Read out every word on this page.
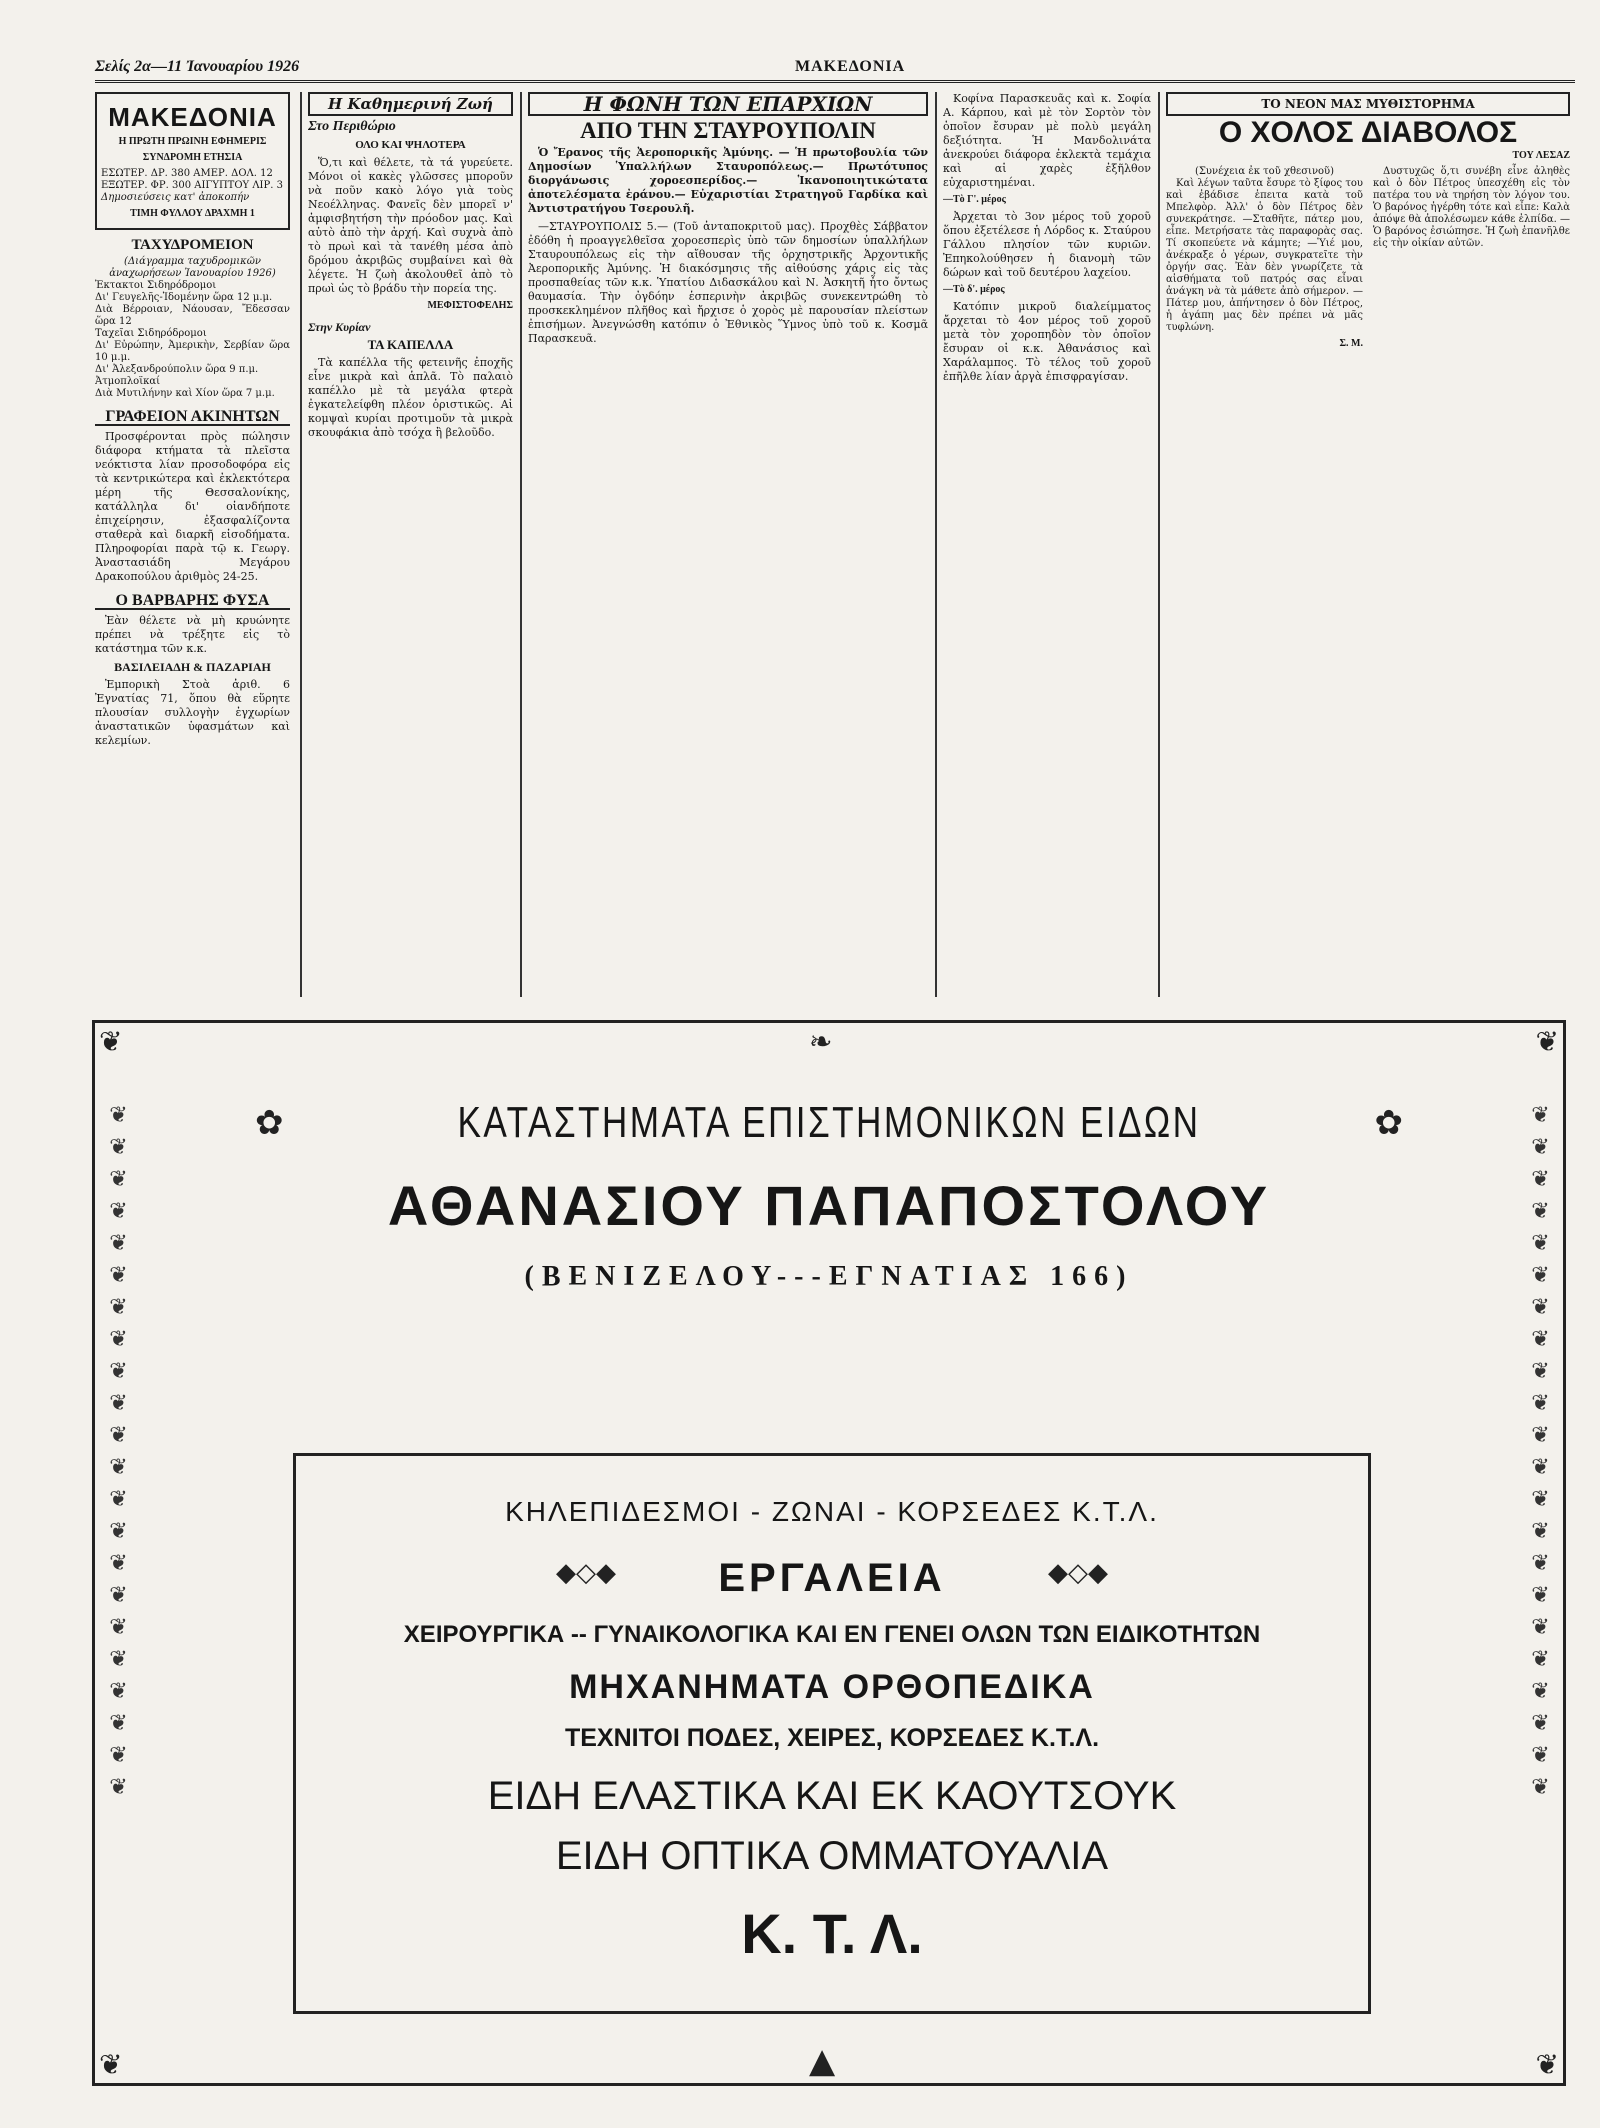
Σελίς 2α—11 Ἰανουαρίου 1926	ΜΑΚΕΔΟΝΙΑ
ΜΑΚΕΔΟΝΙΑ
Η ΠΡΩΤΗ ΠΡΩΙΝΗ ΕΦΗΜΕΡΙΣ
ΣΥΝΔΡΟΜΗ ΕΤΗΣΙΑ
ΕΣΩΤΕΡ. ΔΡ. 380 ΑΜΕΡ. ΔΟΛ. 12
ΕΞΩΤΕΡ. ΦΡ. 300 ΑΙΓΥΠΤΟΥ ΛΙΡ. 3
Δημοσιεύσεις κατ' ἀποκοπήν
ΤΙΜΗ ΦΥΛΛΟΥ ΔΡΑΧΜΗ 1
ΤΑΧΥΔΡΟΜΕΙΟΝ
(Διάγραμμα ταχυδρομικῶν ἀναχωρήσεων Ἰανουαρίου 1926)
Ἐκτακτοι Σιδηρόδρομοι
Δι' Γευγελῆς-Ἰδομένην ὥρα 12 μ.μ.
Διὰ Βέρροιαν, Νάουσαν, Ἔδεσσαν ὥρα 12
Ταχεῖαι Σιδηρόδρομοι
Δι' Εὐρώπην, Ἀμερικὴν, Σερβίαν ὥρα 10 μ.μ.
Δι' Ἀλεξανδρούπολιν ὥρα 9 π.μ.
Ἀτμοπλοϊκαί
Διὰ Μυτιλήνην καὶ Χίον ὥρα 7 μ.μ.
ΓΡΑΦΕΙΟΝ ΑΚΙΝΗΤΩΝ

Προσφέρονται πρὸς πώλησιν διάφορα κτήματα τὰ πλεῖστα νεόκτιστα λίαν προσοδοφόρα εἰς τὰ κεντρικώτερα καὶ ἐκλεκτότερα μέρη τῆς Θεσσαλονίκης, κατάλληλα δι' οἱανδήποτε ἐπιχείρησιν, ἐξασφαλίζοντα σταθερὰ καὶ διαρκῆ εἰσοδήματα. Πληροφορίαι παρὰ τῷ κ. Γεωργ. Ἀναστασιάδη Μεγάρου Δρακοπούλου ἀριθμὸς 24-25.

Ο ΒΑΡΒΑΡΗΣ ΦΥΣΑ

Ἐὰν θέλετε νὰ μὴ κρυώνητε πρέπει νὰ τρέξητε εἰς τὸ κατάστημα τῶν κ.κ.

ΒΑΣΙΛΕΙΑΔΗ & ΠΑΖΑΡΙΑΗ

Ἐμπορικὴ Στοὰ ἀριθ. 6 Ἐγνατίας 71, ὅπου θὰ εὕρητε πλουσίαν συλλογὴν ἐγχωρίων ἀναστατικῶν ὑφασμάτων καὶ κελεμίων.

Η Καθημερινή Ζωή
Στο Περιθώριο
ΟΛΟ ΚΑΙ ΨΗΛΟΤΕΡΑ

Ὅ,τι καὶ θέλετε, τὰ τά γυρεύετε. Μόνοι οἱ κακὲς γλῶσσες μποροῦν νὰ ποῦν κακὸ λόγο γιὰ τοὺς Νεοέλληνας. Φανεῖς δὲν μπορεῖ ν' ἀμφισβητήση τὴν πρόοδον μας. Καὶ αὐτὸ ἀπὸ τὴν ἀρχή. Καὶ συχνὰ ἀπὸ τὸ πρωὶ καὶ τὰ τανέθη μέσα ἀπὸ δρόμου ἀκριβῶς συμβαίνει καὶ θὰ λέγετε. Ἡ ζωὴ ἀκολουθεῖ ἀπὸ τὸ πρωὶ ὡς τὸ βράδυ τὴν πορεία της.

ΜΕΦΙΣΤΟΦΕΛΗΣ
Στην Κυρίαν
ΤΑ ΚΑΠΕΛΛΑ

Τὰ καπέλλα τῆς φετεινῆς ἐποχῆς εἶνε μικρὰ καὶ ἁπλᾶ. Τὸ παλαιὸ καπέλλο μὲ τὰ μεγάλα φτερὰ ἐγκατελείφθη πλέον ὁριστικῶς. Αἱ κομψαὶ κυρίαι προτιμοῦν τὰ μικρὰ σκουφάκια ἀπὸ τσόχα ἢ βελοῦδο.

Η ΦΩΝΗ ΤΩΝ ΕΠΑΡΧΙΩΝ
ΑΠΟ ΤΗΝ ΣΤΑΥΡΟΥΠΟΛΙΝ

Ὁ Ἔρανος τῆς Ἀεροπορικῆς Ἀμύνης. — Ἡ πρωτοβουλία τῶν Δημοσίων Ὑπαλλήλων Σταυροπόλεως.— Πρωτότυπος διοργάνωσις χοροεσπερίδος.— Ἱκανοποιητικώτατα ἀποτελέσματα ἐράνου.— Εὐχαριστίαι Στρατηγοῦ Γαρδίκα καὶ Ἀντιστρατήγου Τσερουλῆ.

—ΣΤΑΥΡΟΥΠΟΛΙΣ 5.— (Τοῦ ἀνταποκριτοῦ μας). Προχθὲς Σάββατον ἐδόθη ἡ προαγγελθεῖσα χοροεσπερὶς ὑπὸ τῶν δημοσίων ὑπαλλήλων Σταυρουπόλεως εἰς τὴν αἴθουσαν τῆς ὁρχηστρικῆς Ἀρχοντικῆς Ἀεροπορικῆς Ἀμύνης. Ἡ διακόσμησις τῆς αἰθούσης χάρις εἰς τὰς προσπαθείας τῶν κ.κ. Ὑπατίου Διδασκάλου καὶ Ν. Ἀσκητῆ ἦτο ὄντως θαυμασία. Τὴν ὀγδόην ἑσπερινὴν ἀκριβῶς συνεκεντρώθη τὸ προσκεκλημένον πλῆθος καὶ ἤρχισε ὁ χορὸς μὲ παρουσίαν πλείστων ἐπισήμων. Ἀνεγνώσθη κατόπιν ὁ Ἐθνικὸς Ὕμνος ὑπὸ τοῦ κ. Κοσμᾶ Παρασκευᾶ.

Κοφίνα Παρασκευᾶς καὶ κ. Σοφία Α. Κάρπου, καὶ μὲ τὸν Σορτὸν τὸν ὁποῖον ἔσυραν μὲ πολὺ μεγάλη δεξιότητα. Ἡ Μανδολινάτα ἀνεκρούει διάφορα ἐκλεκτὰ τεμάχια καὶ αἱ χαρὲς ἐξῆλθον εὐχαριστημέναι.

—Τὸ Γ'. μέρος

Ἀρχεται τὸ 3ον μέρος τοῦ χοροῦ ὅπου ἐξετέλεσε ἡ Λόρδος κ. Σταύρου Γάλλου πλησίον τῶν κυριῶν. Ἐπηκολούθησεν ἡ διανομὴ τῶν δώρων καὶ τοῦ δευτέρου λαχείου.

—Τὸ δ'. μέρος

Κατόπιν μικροῦ διαλείμματος ἄρχεται τὸ 4ον μέρος τοῦ χοροῦ μετὰ τὸν χοροπηδὸν τὸν ὁποῖον ἔσυραν οἱ κ.κ. Ἀθανάσιος καὶ Χαράλαμπος. Τὸ τέλος τοῦ χοροῦ ἐπῆλθε λίαν ἀργὰ ἐπισφραγίσαν.

ΤΟ ΝΕΟΝ ΜΑΣ ΜΥΘΙΣΤΟΡΗΜΑ
Ο ΧΟΛΟΣ ΔΙΑΒΟΛΟΣ
ΤΟΥ ΛΕΣΑΖ
(Συνέχεια ἐκ τοῦ χθεσινοῦ)

Καὶ λέγων ταῦτα ἔσυρε τὸ ξίφος του καὶ ἐβάδισε ἐπειτα κατὰ τοῦ Μπελφὸρ. Ἀλλ' ὁ δὸν Πέτρος δὲν συνεκράτησε. —Σταθῆτε, πάτερ μου, εἶπε. Μετρήσατε τὰς παραφορὰς σας. Τί σκοπεύετε νὰ κάμητε; —Ὑιέ μου, ἀνέκραξε ὁ γέρων, συγκρατεῖτε τὴν ὀργήν σας. Ἐὰν δὲν γνωρίζετε τὰ αἰσθήματα τοῦ πατρός σας εἶναι ἀνάγκη νὰ τὰ μάθετε ἀπὸ σήμερον. —Πάτερ μου, ἀπήντησεν ὁ δὸν Πέτρος, ἡ ἀγάπη μας δὲν πρέπει νὰ μᾶς τυφλώνη.

Σ. Μ.

Δυστυχῶς ὅ,τι συνέβη εἶνε ἀληθὲς καὶ ὁ δὸν Πέτρος ὑπεσχέθη εἰς τὸν πατέρα του νὰ τηρήση τὸν λόγον του. Ὁ βαρόνος ἠγέρθη τότε καὶ εἶπε: Καλὰ ἀπόψε θὰ ἀπολέσωμεν κάθε ἐλπίδα. —Ὁ βαρόνος ἐσιώπησε. Ἡ ζωὴ ἐπανῆλθε εἰς τὴν οἰκίαν αὐτῶν.

❦	❦
❦	❦
❧
▲
❦ ❦ ❦ ❦ ❦ ❦ ❦ ❦ ❦ ❦ ❦ ❦ ❦ ❦ ❦ ❦ ❦ ❦ ❦ ❦ ❦ ❦	❦ ❦ ❦ ❦ ❦ ❦ ❦ ❦ ❦ ❦ ❦ ❦ ❦ ❦ ❦ ❦ ❦ ❦ ❦ ❦ ❦ ❦
✿	✿
ΚΑΤΑΣΤΗΜΑΤΑ ΕΠΙΣΤΗΜΟΝΙΚΩΝ ΕΙΔΩΝ
ΑΘΑΝΑΣΙΟΥ ΠΑΠΑΠΟΣΤΟΛΟΥ
(ΒΕΝΙΖΕΛΟΥ---ΕΓΝΑΤΙΑΣ 166)
ΚΗΛΕΠΙΔΕΣΜΟΙ - ΖΩΝΑΙ - ΚΟΡΣΕΔΕΣ Κ.Τ.Λ.
◆◇◆	◆◇◆
ΕΡΓΑΛΕΙΑ
ΧΕΙΡΟΥΡΓΙΚΑ -- ΓΥΝΑΙΚΟΛΟΓΙΚΑ ΚΑΙ ΕΝ ΓΕΝΕΙ ΟΛΩΝ ΤΩΝ ΕΙΔΙΚΟΤΗΤΩΝ
ΜΗΧΑΝΗΜΑΤΑ ΟΡΘΟΠΕΔΙΚΑ
ΤΕΧΝΙΤΟΙ ΠΟΔΕΣ, ΧΕΙΡΕΣ, ΚΟΡΣΕΔΕΣ Κ.Τ.Λ.
ΕΙΔΗ ΕΛΑΣΤΙΚΑ ΚΑΙ ΕΚ ΚΑΟΥΤΣΟΥΚ
ΕΙΔΗ ΟΠΤΙΚΑ ΟΜΜΑΤΟΥΑΛΙΑ
Κ. Τ. Λ.
